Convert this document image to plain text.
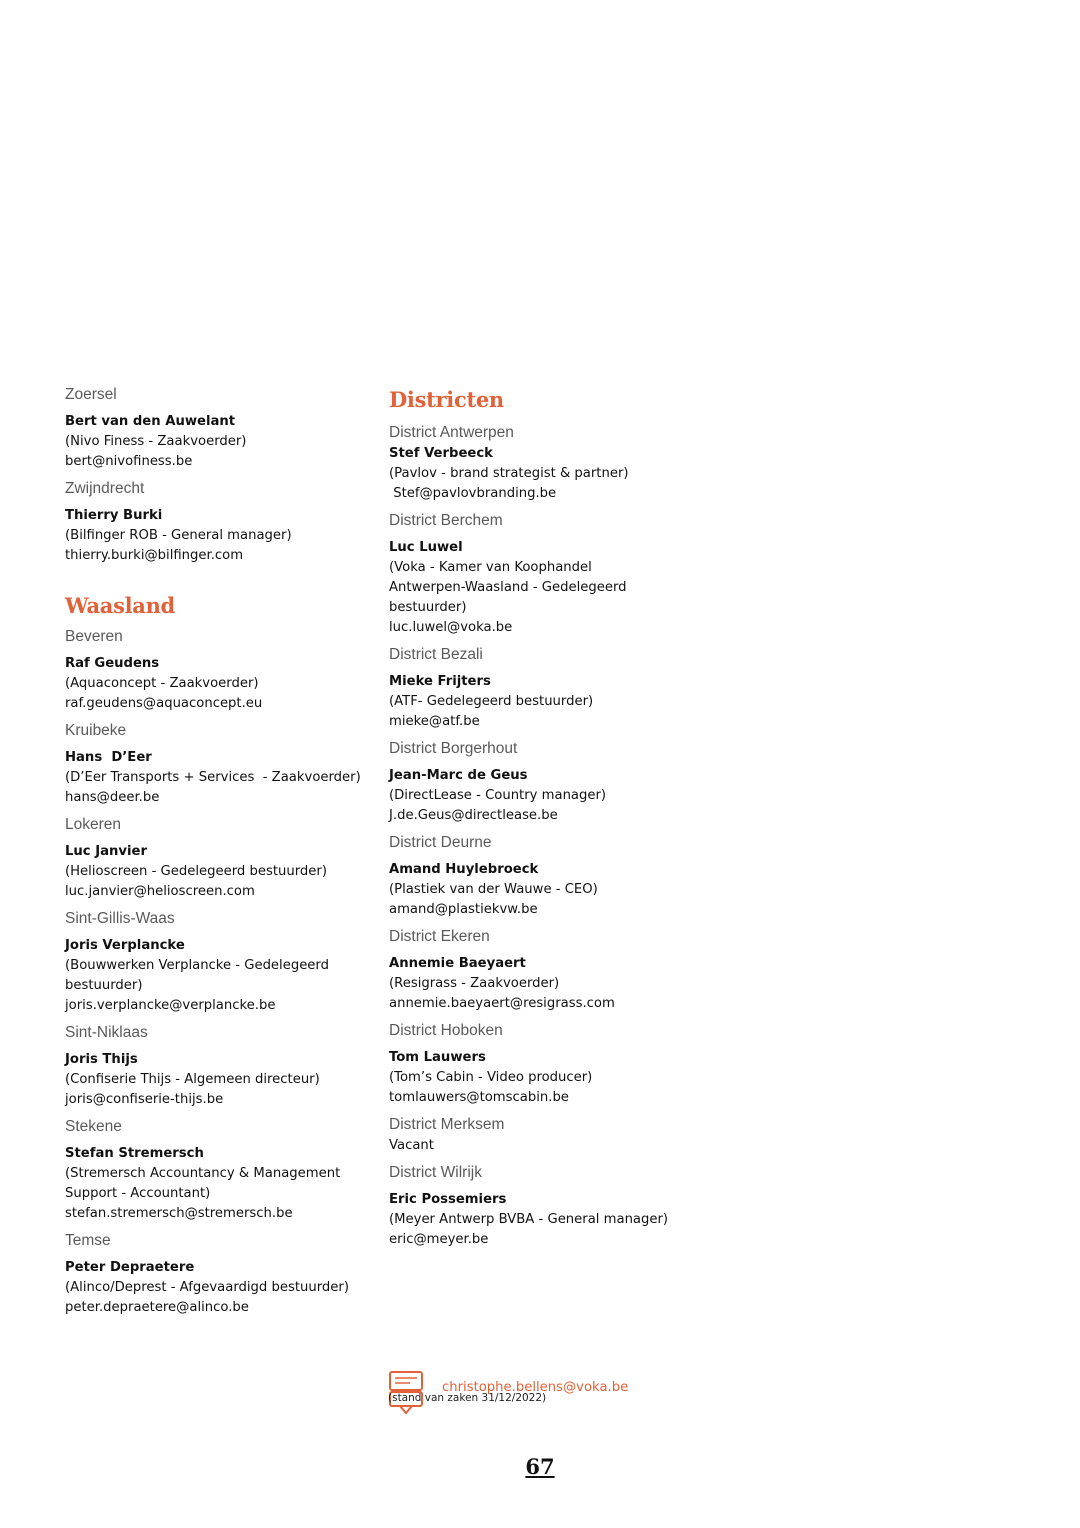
Zoersel

Bert van den Auwelant

(Nivo Finess - Zaakvoerder)

bert@nivofiness.be

Zwijndrecht

Thierry Burki

(Bilfinger ROB - General manager)

thierry.burki@bilfinger.com

Waasland

Beveren

Raf Geudens

(Aquaconcept - Zaakvoerder)

raf.geudens@aquaconcept.eu

Kruibeke

Hans  D’Eer

(D’Eer Transports + Services  - Zaakvoerder)

hans@deer.be

Lokeren

Luc Janvier

(Helioscreen - Gedelegeerd bestuurder)

luc.janvier@helioscreen.com

Sint-Gillis-Waas

Joris Verplancke

(Bouwwerken Verplancke - Gedelegeerd

bestuurder)

joris.verplancke@verplancke.be

Sint-Niklaas

Joris Thijs

(Confiserie Thijs - Algemeen directeur)

joris@confiserie-thijs.be

Stekene

Stefan Stremersch

(Stremersch Accountancy & Management

Support - Accountant)

stefan.stremersch@stremersch.be

Temse

Peter Depraetere

(Alinco/Deprest - Afgevaardigd bestuurder)

peter.depraetere@alinco.be

Districten

District Antwerpen

Stef Verbeeck

(Pavlov - brand strategist & partner)

Stef@pavlovbranding.be

District Berchem

Luc Luwel

(Voka - Kamer van Koophandel

Antwerpen-Waasland - Gedelegeerd

bestuurder)

luc.luwel@voka.be

District Bezali

Mieke Frijters

(ATF- Gedelegeerd bestuurder)

mieke@atf.be

District Borgerhout

Jean-Marc de Geus

(DirectLease - Country manager)

J.de.Geus@directlease.be

District Deurne

Amand Huylebroeck

(Plastiek van der Wauwe - CEO)

amand@plastiekvw.be

District Ekeren

Annemie Baeyaert

(Resigrass - Zaakvoerder)

annemie.baeyaert@resigrass.com

District Hoboken

Tom Lauwers

(Tom’s Cabin - Video producer)

tomlauwers@tomscabin.be

District Merksem

Vacant

District Wilrijk

Eric Possemiers

(Meyer Antwerp BVBA - General manager)

eric@meyer.be

christophe.bellens@voka.be
(stand van zaken 31/12/2022)
67
